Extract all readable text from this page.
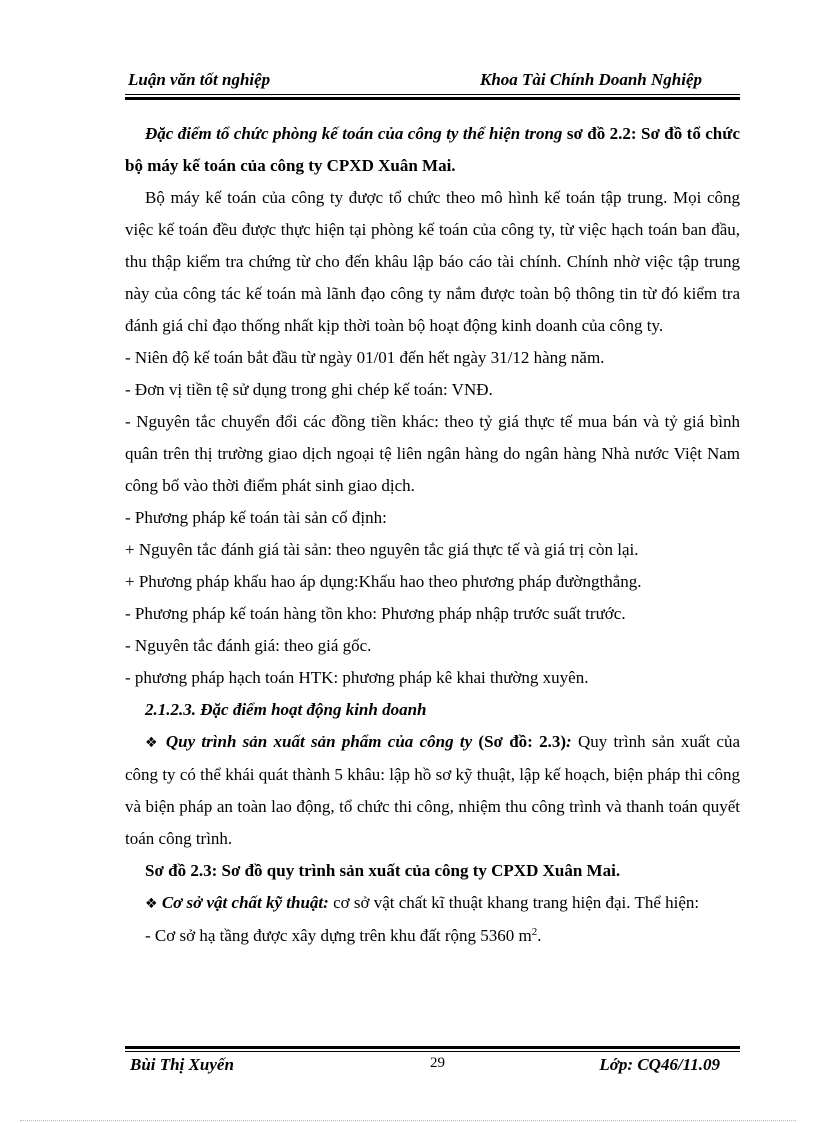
Luận văn tốt nghiệp	Khoa Tài Chính Doanh Nghiệp

Đặc điểm tổ chức phòng kế toán của công ty thể hiện trong sơ đồ 2.2: Sơ đồ tổ chức bộ máy kế toán của công ty CPXD Xuân Mai.

Bộ máy kế toán của công ty được tổ chức theo mô hình kế toán tập trung. Mọi công việc kế toán đều được thực hiện tại phòng kế toán của công ty, từ việc hạch toán ban đầu, thu thập kiểm tra chứng từ cho đến khâu lập báo cáo tài chính. Chính nhờ việc tập trung này của công tác kế toán mà lãnh đạo công ty nắm được toàn bộ thông tin từ đó kiểm tra đánh giá chỉ đạo thống nhất kịp thời toàn bộ hoạt động kinh doanh của công ty.

- Niên độ kế toán bắt đầu từ ngày 01/01 đến hết ngày 31/12 hàng năm.

- Đơn vị tiền tệ sử dụng trong ghi chép kế toán: VNĐ.

- Nguyên tắc chuyển đổi các đồng tiền khác: theo tỷ giá thực tế mua bán và tỷ giá bình quân trên thị trường giao dịch ngoại tệ liên ngân hàng do ngân hàng Nhà nước Việt Nam công bố vào thời điểm phát sinh giao dịch.

- Phương pháp kế toán tài sản cố định:

+ Nguyên tắc đánh giá tài sản: theo nguyên tắc giá thực tế và giá trị còn lại.

+ Phương pháp khấu hao áp dụng:Khấu hao theo phương pháp đườngthẳng.

- Phương pháp kế toán hàng tồn kho: Phương pháp nhập trước suất trước.

- Nguyên tắc đánh giá: theo giá gốc.

- phương pháp hạch toán HTK: phương pháp kê khai thường xuyên.

2.1.2.3. Đặc điểm hoạt động kinh doanh

❖ Quy trình sản xuất sản phẩm của công ty (Sơ đồ: 2.3): Quy trình sản xuất của công ty có thể khái quát thành 5 khâu: lập hồ sơ kỹ thuật, lập kế hoạch, biện pháp thi công và biện pháp an toàn lao động, tổ chức thi công, nhiệm thu công trình và thanh toán quyết toán công trình.

Sơ đồ 2.3: Sơ đồ quy trình sản xuất của công ty CPXD Xuân Mai.

❖ Cơ sở vật chất kỹ thuật: cơ sở vật chất kĩ thuật khang trang hiện đại. Thể hiện:

- Cơ sở hạ tầng được xây dựng trên khu đất rộng 5360 $m^2$.

Bùi Thị Xuyến	29	Lớp: CQ46/11.09
